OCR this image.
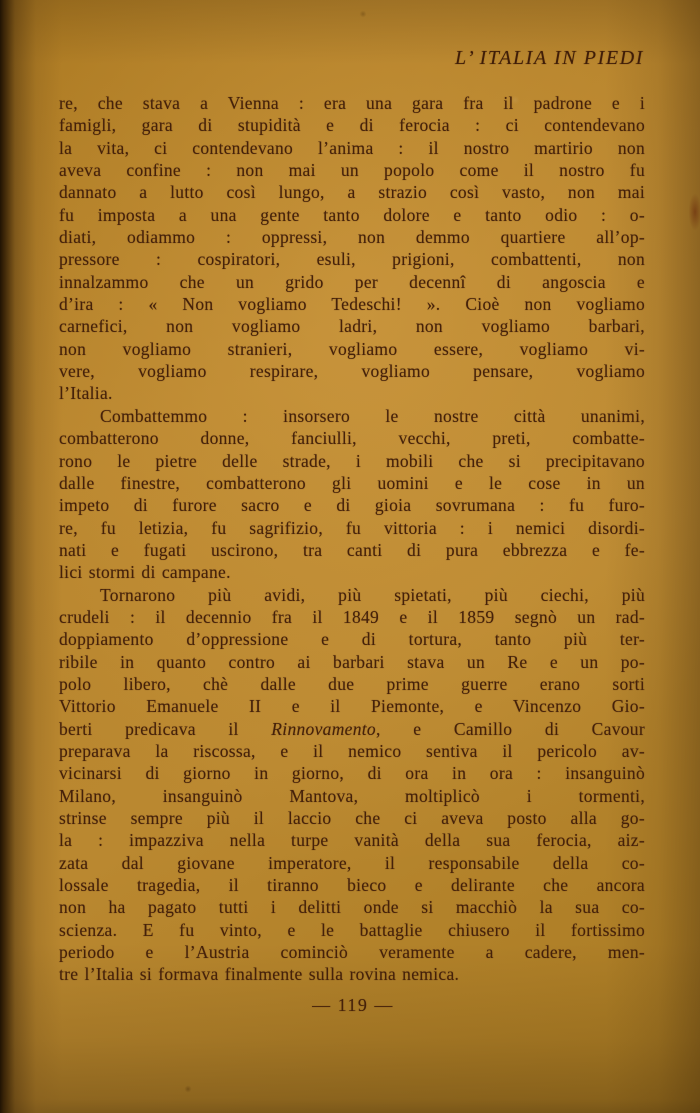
L’ ITALIA IN PIEDI
re, che stava a Vienna : era una gara fra il padrone e i
famigli, gara di stupidità e di ferocia : ci contendevano
la vita, ci contendevano l’anima : il nostro martirio non
aveva confine : non mai un popolo come il nostro fu
dannato a lutto così lungo, a strazio così vasto, non mai
fu imposta a una gente tanto dolore e tanto odio : o-
diati, odiammo : oppressi, non demmo quartiere all’op-
pressore : cospiratori, esuli, prigioni, combattenti, non
innalzammo che un grido per decennî di angoscia e
d’ira : « Non vogliamo Tedeschi! ». Cioè non vogliamo
carnefici, non vogliamo ladri, non vogliamo barbari,
non vogliamo stranieri, vogliamo essere, vogliamo vi-
vere, vogliamo respirare, vogliamo pensare, vogliamo
l’Italia.
Combattemmo : insorsero le nostre città unanimi,
combatterono donne, fanciulli, vecchi, preti, combatte-
rono le pietre delle strade, i mobili che si precipitavano
dalle finestre, combatterono gli uomini e le cose in un
impeto di furore sacro e di gioia sovrumana : fu furo-
re, fu letizia, fu sagrifizio, fu vittoria : i nemici disordi-
nati e fugati uscirono, tra canti di pura ebbrezza e fe-
lici stormi di campane.
Tornarono più avidi, più spietati, più ciechi, più
crudeli : il decennio fra il 1849 e il 1859 segnò un rad-
doppiamento d’oppressione e di tortura, tanto più ter-
ribile in quanto contro ai barbari stava un Re e un po-
polo libero, chè dalle due prime guerre erano sorti
Vittorio Emanuele II e il Piemonte, e Vincenzo Gio-
berti predicava il Rinnovamento, e Camillo di Cavour
preparava la riscossa, e il nemico sentiva il pericolo av-
vicinarsi di giorno in giorno, di ora in ora : insanguinò
Milano, insanguinò Mantova, moltiplicò i tormenti,
strinse sempre più il laccio che ci aveva posto alla go-
la : impazziva nella turpe vanità della sua ferocia, aiz-
zata dal giovane imperatore, il responsabile della co-
lossale tragedia, il tiranno bieco e delirante che ancora
non ha pagato tutti i delitti onde si macchiò la sua co-
scienza. E fu vinto, e le battaglie chiusero il fortissimo
periodo e l’Austria cominciò veramente a cadere, men-
tre l’Italia si formava finalmente sulla rovina nemica.
— 119 —
